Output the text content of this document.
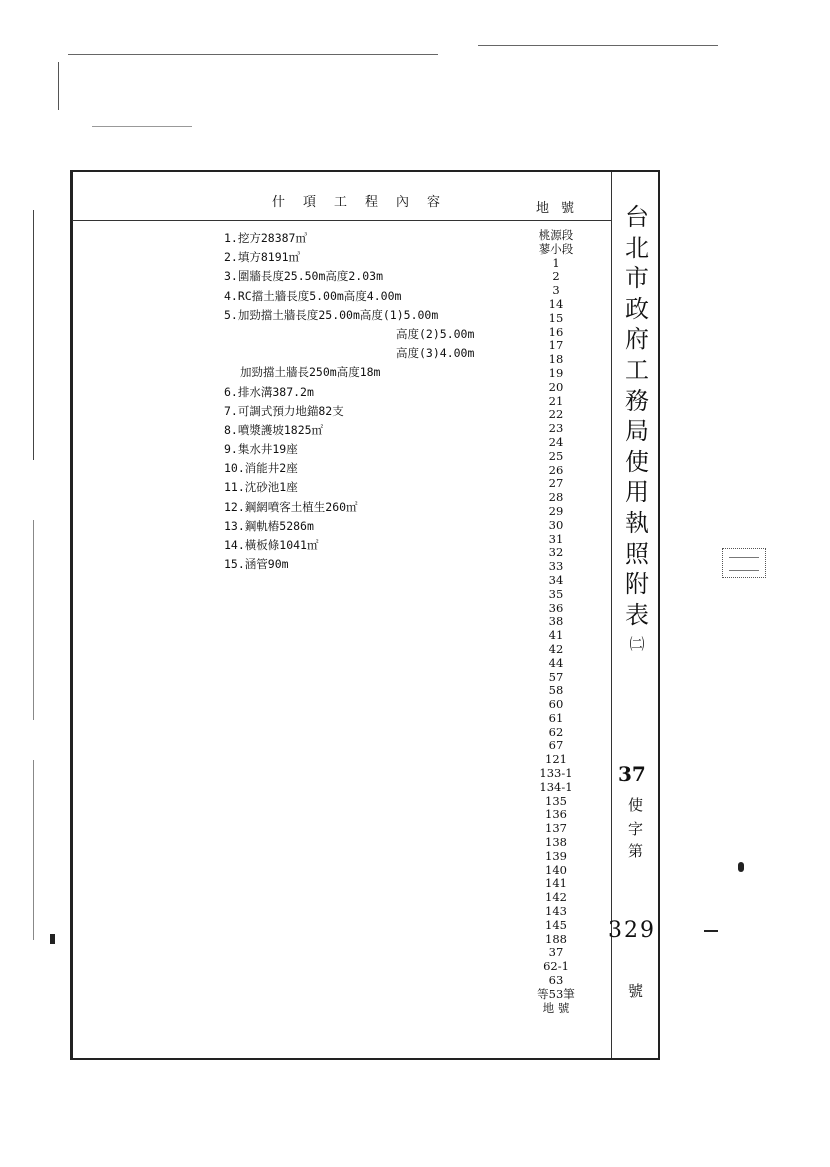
什項工程內容	地號
1.挖方28387㎥
2.填方8191㎥
3.圍牆長度25.50m高度2.03m
4.RC擋土牆長度5.00m高度4.00m
5.加勁擋土牆長度25.00m高度(1)5.00m
高度(2)5.00m
高度(3)4.00m
加勁擋土牆長250m高度18m
6.排水溝387.2m
7.可調式預力地錨82支
8.噴漿護坡1825㎡
9.集水井19座
10.消能井2座
11.沈砂池1座
12.鋼網噴客土植生260㎡
13.鋼軌樁5286m
14.橫板條1041㎡
15.涵管90m
桃源段
蓼小段
1
2
3
14
15
16
17
18
19
20
21
22
23
24
25
26
27
28
29
30
31
32
33
34
35
36
38
41
42
44
57
58
60
61
62
67
121
133-1
134-1
135
136
137
138
139
140
141
142
143
145
188
37
62-1
63
等53筆
地 號
台
北
市
政
府
工
務
局
使
用
執
照
附
表
㈡
37
使
字
第
329
號
